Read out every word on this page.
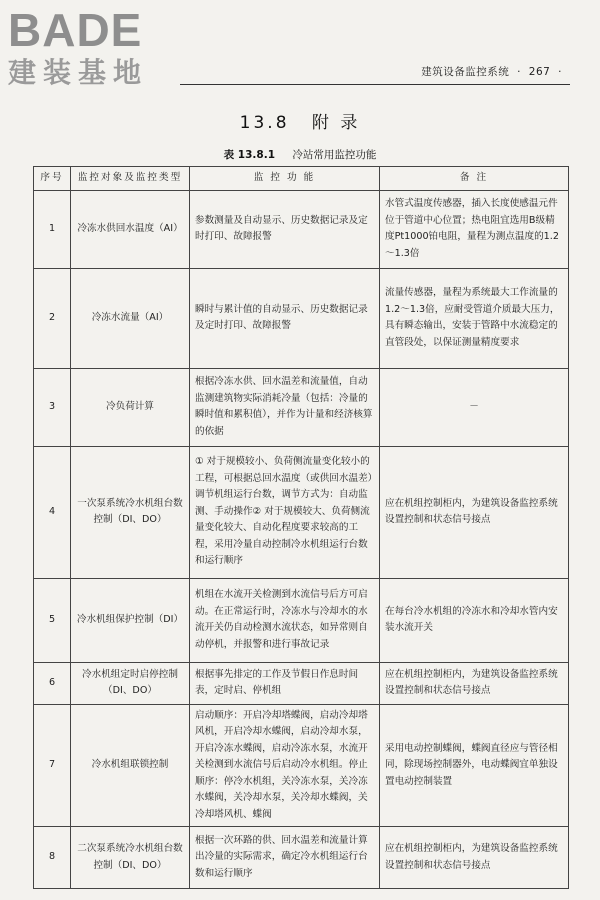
BADE
建装基地	建筑设备监控系统 · 267 ·
13.8 附 录
表 13.8.1 冷站常用监控功能
序号	监控对象及监控类型	监 控 功 能	备 注
1	冷冻水供回水温度（AI）	参数测量及自动显示、历史数据记录及定时打印、故障报警	水管式温度传感器，插入长度使感温元件位于管道中心位置；热电阻宜选用B级精度Pt1000铂电阻，量程为测点温度的1.2～1.3倍
2	冷冻水流量（AI）	瞬时与累计值的自动显示、历史数据记录及定时打印、故障报警	流量传感器，量程为系统最大工作流量的1.2～1.3倍，应耐受管道介质最大压力，具有瞬态输出，安装于管路中水流稳定的直管段处，以保证测量精度要求
3	冷负荷计算	根据冷冻水供、回水温差和流量值，自动监测建筑物实际消耗冷量（包括：冷量的瞬时值和累积值），并作为计量和经济核算的依据	－
4	一次泵系统冷水机组台数控制（DI、DO）	① 对于规模较小、负荷侧流量变化较小的工程，可根据总回水温度（或供回水温差）调节机组运行台数，调节方式为：自动监测、手动操作② 对于规模较大、负荷侧流量变化较大、自动化程度要求较高的工程，采用冷量自动控制冷水机组运行台数和运行顺序	应在机组控制柜内，为建筑设备监控系统设置控制和状态信号接点
5	冷水机组保护控制（DI）	机组在水流开关检测到水流信号后方可启动。在正常运行时，冷冻水与冷却水的水流开关仍自动检测水流状态，如异常则自动停机，并报警和进行事故记录	在每台冷水机组的冷冻水和冷却水管内安装水流开关
6	冷水机组定时启停控制（DI、DO）	根据事先排定的工作及节假日作息时间表，定时启、停机组	应在机组控制柜内，为建筑设备监控系统设置控制和状态信号接点
7	冷水机组联锁控制	启动顺序：开启冷却塔蝶阀，启动冷却塔风机，开启冷却水蝶阀，启动冷却水泵，开启冷冻水蝶阀，启动冷冻水泵，水流开关检测到水流信号后启动冷水机组。停止顺序：停冷水机组，关冷冻水泵，关冷冻水蝶阀，关冷却水泵，关冷却水蝶阀，关冷却塔风机、蝶阀	采用电动控制蝶阀，蝶阀直径应与管径相同，除现场控制器外，电动蝶阀宜单独设置电动控制装置
8	二次泵系统冷水机组台数控制（DI、DO）	根据一次环路的供、回水温差和流量计算出冷量的实际需求，确定冷水机组运行台数和运行顺序	应在机组控制柜内，为建筑设备监控系统设置控制和状态信号接点
